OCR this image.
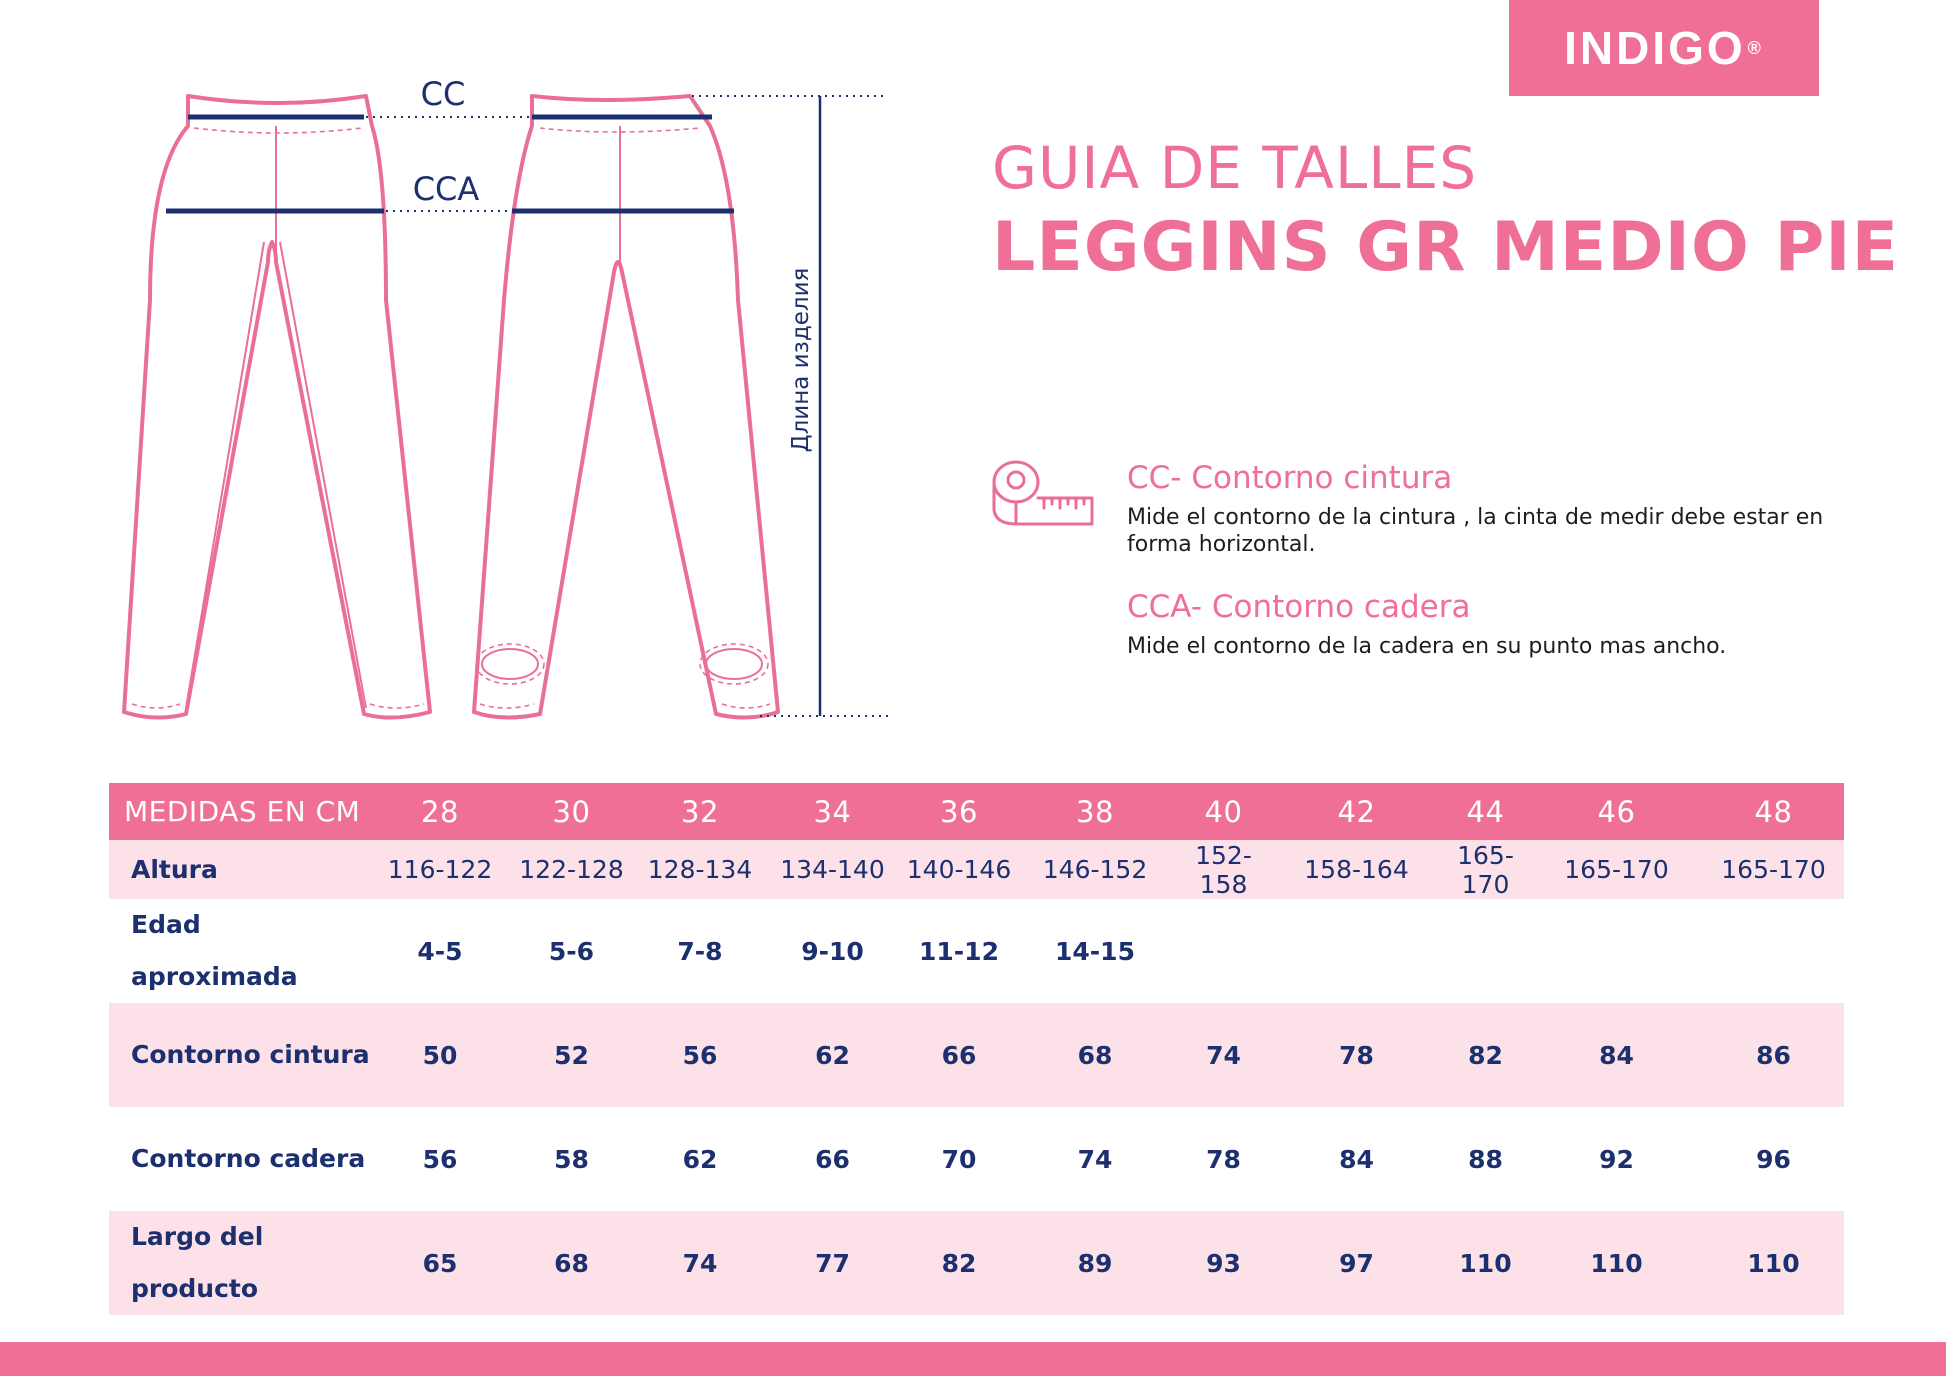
INDIGO ®
CC
CCA
Длина изделия
GUIA DE TALLES
LEGGINS GR MEDIO PIE
CC- Contorno cintura
Mide el contorno de la cintura , la cinta de medir debe estar en forma horizontal.
CCA- Contorno cadera
Mide el contorno de la cadera en su punto mas ancho.
MEDIDAS EN CM	28	30	32	34	36	38	40	42	44	46	48
Altura	116-122	122-128	128-134	134-140	140-146	146-152	152-158	158-164	165-170	165-170	165-170
Edad aproximada	4-5	5-6	7-8	9-10	11-12	14-15					
Contorno cintura	50	52	56	62	66	68	74	78	82	84	86
Contorno cadera	56	58	62	66	70	74	78	84	88	92	96
Largo del producto	65	68	74	77	82	89	93	97	110	110	110
